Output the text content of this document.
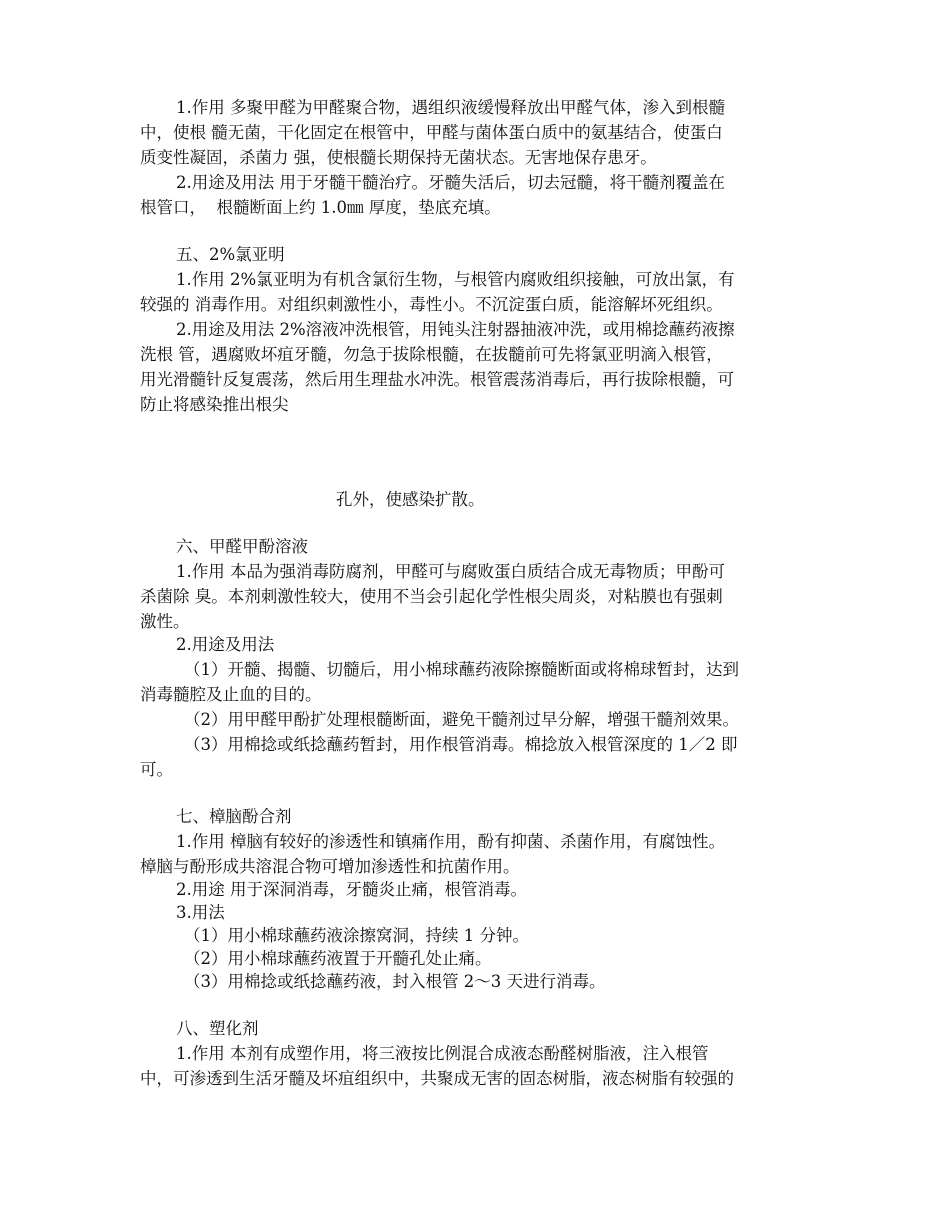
1.作用 多聚甲醛为甲醛聚合物，遇组织液缓慢释放出甲醛气体，渗入到根髓
中，使根 髓无菌，干化固定在根管中，甲醛与菌体蛋白质中的氨基结合，使蛋白
质变性凝固，杀菌力 强，使根髓长期保持无菌状态。无害地保存患牙。
2.用途及用法 用于牙髓干髓治疗。牙髓失活后，切去冠髓，将干髓剂覆盖在
根管口，  根髓断面上约 1.0㎜ 厚度，垫底充填。
五、2%氯亚明
1.作用 2%氯亚明为有机含氯衍生物，与根管内腐败组织接触，可放出氯，有
较强的 消毒作用。对组织刺激性小，毒性小。不沉淀蛋白质，能溶解坏死组织。
2.用途及用法 2%溶液冲洗根管，用钝头注射器抽液冲洗，或用棉捻蘸药液擦
洗根 管，遇腐败坏疽牙髓，勿急于拔除根髓，在拔髓前可先将氯亚明滴入根管，
用光滑髓针反复震荡，然后用生理盐水冲洗。根管震荡消毒后，再行拔除根髓，可
防止将感染推出根尖
孔外，使感染扩散。
六、甲醛甲酚溶液
1.作用 本品为强消毒防腐剂，甲醛可与腐败蛋白质结合成无毒物质；甲酚可
杀菌除 臭。本剂刺激性较大，使用不当会引起化学性根尖周炎，对粘膜也有强刺
激性。
2.用途及用法
（1）开髓、揭髓、切髓后，用小棉球蘸药液除擦髓断面或将棉球暂封，达到
消毒髓腔及止血的目的。
（2）用甲醛甲酚扩处理根髓断面，避免干髓剂过早分解，增强干髓剂效果。
（3）用棉捻或纸捻蘸药暂封，用作根管消毒。棉捻放入根管深度的 1／2 即
可。
七、樟脑酚合剂
1.作用 樟脑有较好的渗透性和镇痛作用，酚有抑菌、杀菌作用，有腐蚀性。
樟脑与酚形成共溶混合物可增加渗透性和抗菌作用。
2.用途 用于深洞消毒，牙髓炎止痛，根管消毒。
3.用法
（1）用小棉球蘸药液涂擦窝洞，持续 1 分钟。
（2）用小棉球蘸药液置于开髓孔处止痛。
（3）用棉捻或纸捻蘸药液，封入根管 2～3 天进行消毒。
八、塑化剂
1.作用 本剂有成塑作用，将三液按比例混合成液态酚醛树脂液，注入根管
中，可渗透到生活牙髓及坏疽组织中，共聚成无害的固态树脂，液态树脂有较强的
